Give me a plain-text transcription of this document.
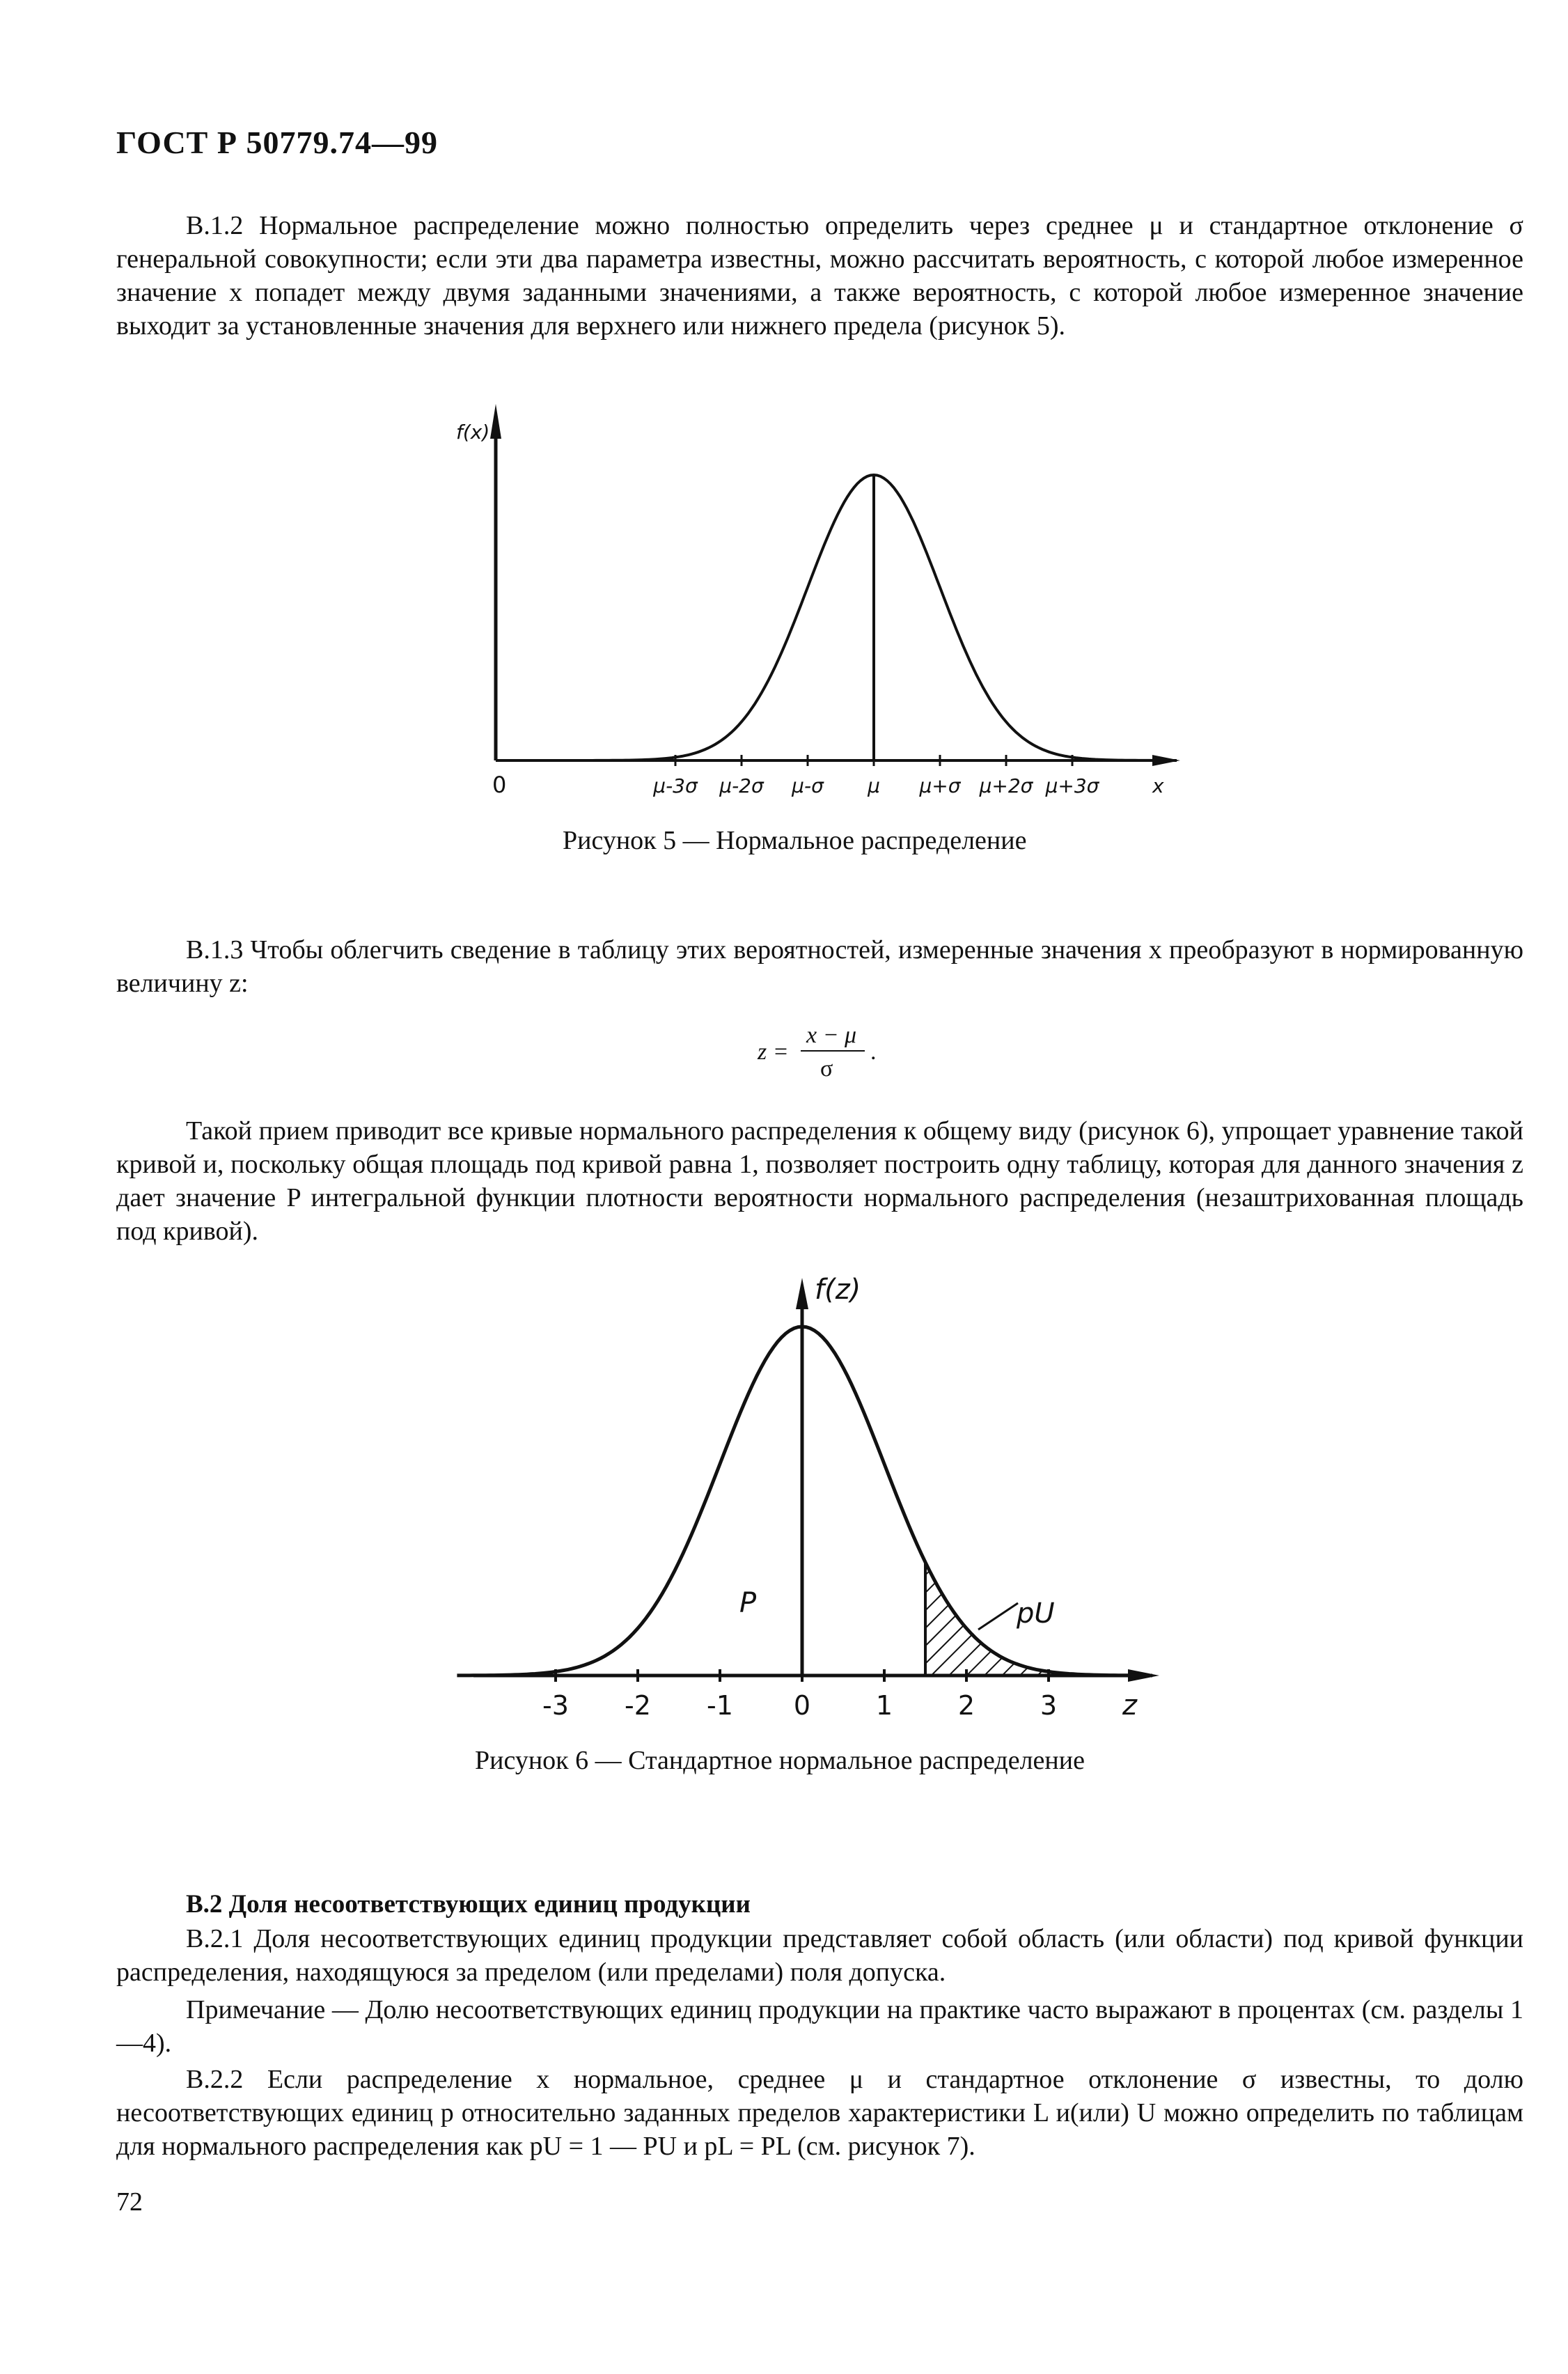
ГОСТ Р 50779.74—99

В.1.2 Нормальное распределение можно полностью определить через среднее μ и стандартное отклонение σ генеральной совокупности; если эти два параметра известны, можно рассчитать вероятность, с которой любое измеренное значение x попадет между двумя заданными значениями, а также вероятность, с которой любое измеренное значение выходит за установленные значения для верхнего или нижнего предела (рисунок 5).

f(x)
x
0	μ-3σ μ-2σ μ-σ μ μ+σ μ+2σ μ+3σ
Рисунок 5 — Нормальное распределение

В.1.3 Чтобы облегчить сведение в таблицу этих вероятностей, измеренные значения х преобразуют в нормированную величину z:

z =
x − μ
σ
.

Такой прием приводит все кривые нормального распределения к общему виду (рисунок 6), упрощает уравнение такой кривой и, поскольку общая площадь под кривой равна 1, позволяет построить одну таблицу, которая для данного значения z дает значение P интегральной функции плотности вероятности нормального распределения (незаштрихованная площадь под кривой).

f(z)
z
P	pU
-3 -2 -1 0 1 2 3
Рисунок 6 — Стандартное нормальное распределение
В.2 Доля несоответствующих единиц продукции

В.2.1 Доля несоответствующих единиц продукции представляет собой область (или области) под кривой функции распределения, находящуюся за пределом (или пределами) поля допуска.

Примечание — Долю несоответствующих единиц продукции на практике часто выражают в процентах (см. разделы 1—4).

В.2.2 Если распределение x нормальное, среднее μ и стандартное отклонение σ известны, то долю несоответствующих единиц p относительно заданных пределов характеристики L и(или) U можно определить по таблицам для нормального распределения как pU = 1 — PU и pL = PL (см. рисунок 7).

72
